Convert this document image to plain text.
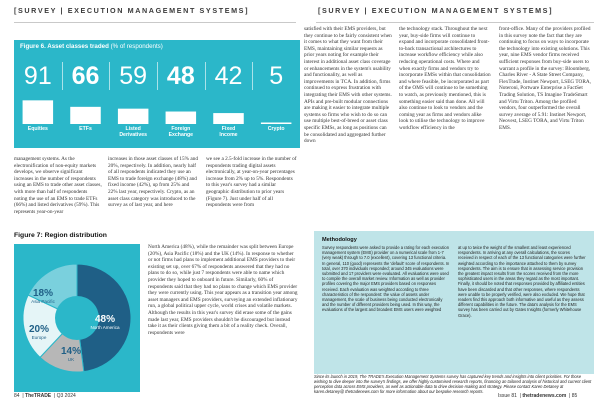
[SURVEY | EXECUTION MANAGEMENT SYSTEMS]	[SURVEY | EXECUTION MANAGEMENT SYSTEMS]
Figure 6. Asset classes traded (% of respondents)
91 66 59 48 42	5
Equities	ETFs	Listed
Derivatives
Foreign
Exchange
Fixed
Income
Crypto
satisfied with their EMS providers, but they continue to be fairly consistent when it comes to what they want from their EMS, maintaining similar requests as prior years noting for example their interest in additional asset class coverage or enhancements in the system's usability and functionality, as well as improvements in TCA. In addition, firms continued to express frustration with integrating their EMS with other systems. APIs and pre-built modular connections are making it easier to integrate multiple systems so firms who wish to do so can use multiple best-of-breed or asset class specific EMSs, as long as positions can be consolidated and aggregated further down
the technology stack. Throughout the next year, buy-side firms will continue to expand and incorporate consolidated front-to-back transactional architectures to increase workflow efficiency while also reducing operational costs. Where and when exactly firms and vendors try to incorporate EMSs within that consolidation and where feasible, be incorporated as part of the OMS will continue to be something to watch, as previously mentioned, this is something easier said than done. All will also continue to look to vendors and the coming year as firms and vendors alike look to utilise the technology to improve workflow efficiency in the
front-office. Many of the providers profiled in this survey note the fact that they are continuing to focus on ways to incorporate the technology into existing solutions. This year, nine EMS vendor firms received sufficient responses from buy-side users to warrant a profile in the survey: Bloomberg, Charles River - A State Street Company, FlexTrade, Instinet Newport, LSEG TORA, Noteroni, Portware Enterprise a FactSet Trading Solution, TS Imagine TradeSmart and Virtu Triton. Among the profiled vendors, four outperformed the overall survey average of 5.91: Instinet Newport, Neovest, LSEG TORA, and Virtu Triton EMS.
management systems. As the electronification of non-equity markets develops, we observe significant increases in the number of respondents using an EMS to trade other asset classes, with more than half of respondents noting the use of an EMS to trade ETFs (66%) and listed derivatives (59%). This represents year-on-year
increases in those asset classes of 15% and 20%, respectively. In addition, nearly half of all respondents indicated they use an EMS to trade foreign exchange (48%) and fixed income (42%), up from 25% and 22% last year, respectively. Crypto, as an asset class category was introduced to the survey as of last year, and here
we see a 2.5-fold increase in the number of respondents trading digital assets electronically, at year-on-year percentages increase from 2% up to 5%. Respondents to this year's survey had a similar geographic distribution to prior years (Figure 7). Just under half of all respondents were from
Figure 7: Region distribution
48%
North America
14%
UK
20%
Europe
18%
Asia Pacific
North America (48%), while the remainder was split between Europe (20%), Asia Pacific (18%) and the UK (14%). In response to whether or not firms had plans to implement additional EMS providers to their existing set up, over 67% of respondents answered that they had no plans to do so, while just 7 respondents were able to name which provider they hoped to onboard in future. Similarly, 60% of respondents said that they had no plans to change which EMS provider they were currently using. This year appears as a transition year among asset managers and EMS providers, surveying an extended inflationary run, a global political upper cycle, world crises and volatile markets. Although the results in this year's survey did erase some of the gains made last year, EMS providers shouldn't be discouraged but instead take it as their clients giving them a bit of a reality check. Overall, respondents were
Methodology
Survey respondents were asked to provide a rating for each execution management system (EMS) provider on a numerical scale from 1-7 (very weak) through to 7.0 (excellent), covering 13 functional criteria. In general, 110 (good) represents the 'default' score of respondents. In total, over 370 individuals responded; around 345 evaluations were submitted and 17 providers were evaluated. All evaluations were used to compile the overall market review. Information as well as provider profiles covering the major EMS providers based on responses received. Each evaluation was weighted according to three characteristics of the respondent: the value of assets under management, the scale of business being conducted electronically and the number of different providers being used. In this way, the evaluations of the largest and broadest EMS users were weighted
at up to twice the weight of the smallest and least experienced respondents. In arriving at any overall calculations, the scores received in respect of each of the 13 functional categories were further weighted according to the importance attached to them by survey respondents. The aim is to ensure that in assessing service provision the greatest impact results from the scores received from the more sophisticated users in the areas they regard as the most important. Finally, it should be noted that responses provided by affiliated entities have been discarded and that other responses, where respondents were unable to be properly verified, were also excluded. We hope that readers find this approach both informative and useful as they assess different capabilities in the future. The data's analysis for the EMS survey has been carried out by Gates Insights (formerly Whitehouse Grace).
Since its launch in 2019, The TRADE's Execution Management Systems survey has captured key trends and insights into client priorities. For those wishing to dive deeper into the survey's findings, we offer highly customised research reports, financing an tailored analysis of historical and current client perception data across EMS providers, as well as actionable data to drive decision-making and strategy. Please contact Karen Detaney at karen.detaney@ thetradenews.com for more information about our bespoke research reports.
84  | TheTRADE  | Q3 2024	Issue 81  | thetradenews.com  | 85
